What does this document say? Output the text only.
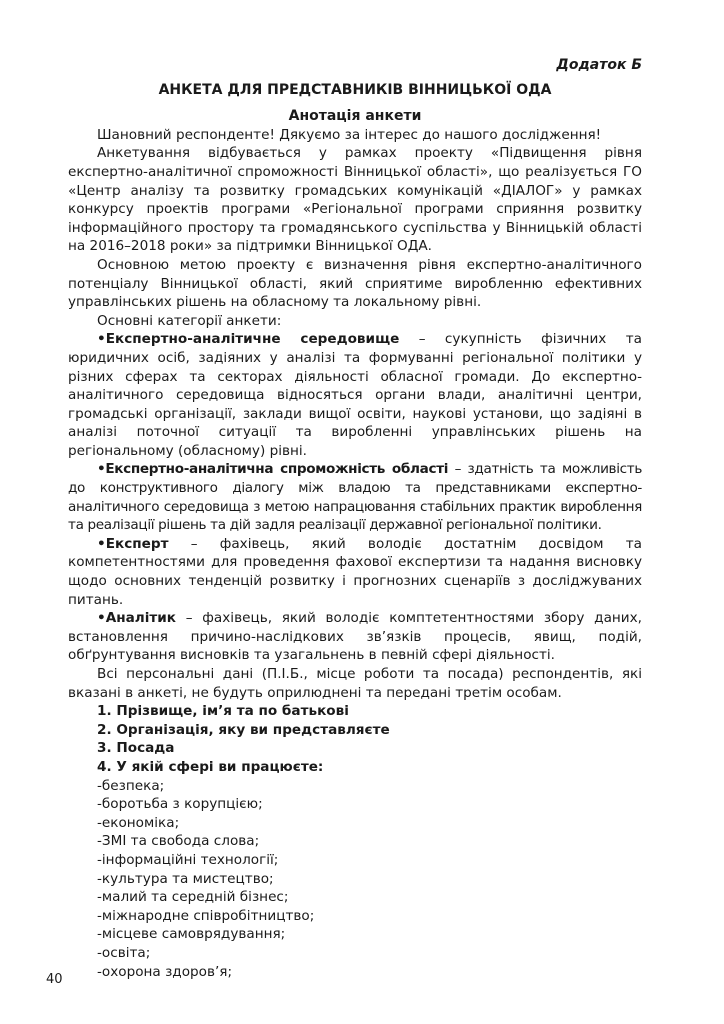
Додаток Б
АНКЕТА ДЛЯ ПРЕДСТАВНИКІВ ВІННИЦЬКОЇ ОДА
Анотація анкети

Шановний респонденте! Дякуємо за інтерес до нашого дослідження!

Анкетування відбувається у рамках проекту «Підвищення рівня експертно-аналітичної спроможності Вінницької області», що реалізується ГО «Центр аналізу та розвитку громадських комунікацій «ДІАЛОГ» у рамках конкурсу проектів програми «Регіональної програми сприяння розвитку інформаційного простору та громадянського суспільства у Вінницькій області на 2016–2018 роки» за підтримки Вінницької ОДА.

Основною метою проекту є визначення рівня експертно-аналітичного потенціалу Вінницької області, який сприятиме виробленню ефективних управлінських рішень на обласному та локальному рівні.

Основні категорії анкети:

•Експертно-аналітичне середовище – сукупність фізичних та юридичних осіб, задіяних у аналізі та формуванні регіональної політики у різних сферах та секторах діяльності обласної громади. До експертно-аналітичного середовища відносяться органи влади, аналітичні центри, громадські організації, заклади вищої освіти, наукові установи, що задіяні в аналізі поточної ситуації та виробленні управлінських рішень на регіональному (обласному) рівні.

•Експертно-аналітична спроможність області – здатність та можливість до конструктивного діалогу між владою та представниками експертно-аналітичного середовища з метою напрацювання стабільних практик вироблення та реалізації рішень та дій задля реалізації державної регіональної політики.

•Експерт – фахівець, який володіє достатнім досвідом та компетентностями для проведення фахової експертизи та надання висновку щодо основних тенденцій розвитку і прогнозних сценаріїв з досліджуваних питань.

•Аналітик – фахівець, який володіє комптетентностями збору даних, встановлення причино-наслідкових зв’язків процесів, явищ, подій, обґрунтування висновків та узагальнень в певній сфері діяльності.

Всі персональні дані (П.І.Б., місце роботи та посада) респондентів, які вказані в анкеті, не будуть оприлюднені та передані третім особам.

1. Прізвище, ім’я та по батькові
2. Організація, яку ви представляєте
3. Посада
4. У якій сфері ви працюєте:
-безпека;
-боротьба з корупцією;
-економіка;
-ЗМІ та свобода слова;
-інформаційні технології;
-культура та мистецтво;
-малий та середній бізнес;
-міжнародне співробітництво;
-місцеве самоврядування;
-освіта;
-охорона здоров’я;
40
